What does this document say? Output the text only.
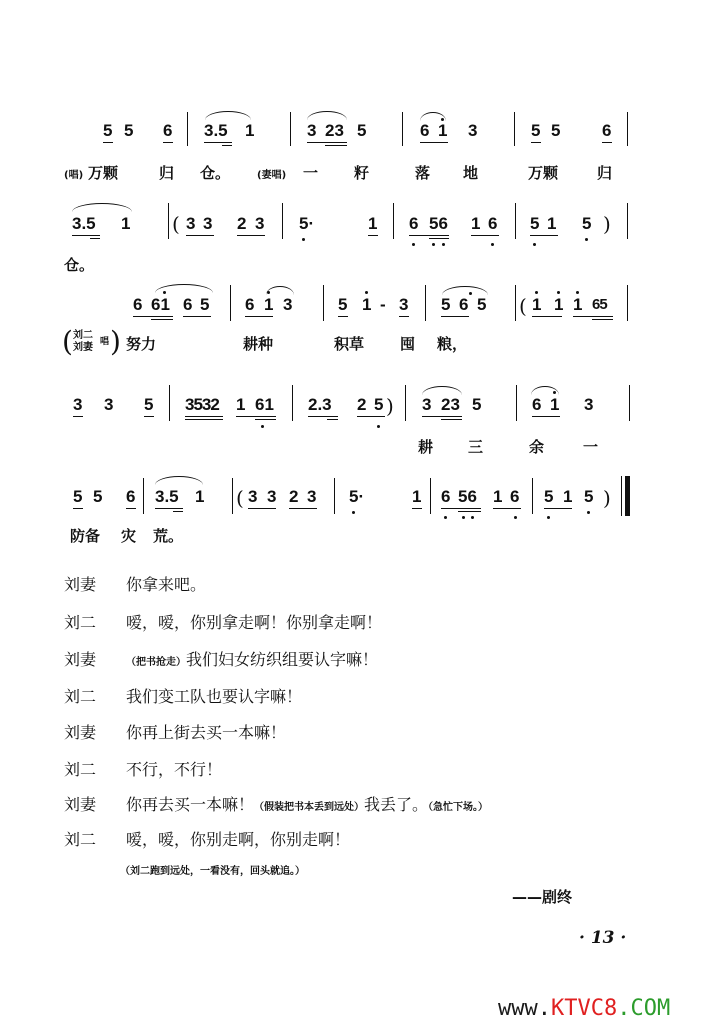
5 5 6 3.5 1	3 23 5	6 1 3	5 5 6
(唱) 万颗	归 仓。	(妻唱) 一 籽	落 地	万颗	归
3.5 1 ( 3 3 2 3 5·	1 6 56 1 6 5 1 5 )
仓。
6 61 6 5 6 1 3	5 1 - 3 5 6 5 ( 1 1 1 65
( 刘二
刘妻 唱 ) 努力	耕种	积草 囤 粮，
3 3 5 3532 1 61 2.3 2 5 ) 3 23 5	6 1 3
耕 三	余	一
5 5 6 3.5 1 ( 3 3 2 3 5·	1 6 56 1 6 5 1 5 )
防备 灾 荒。
刘妻 你拿来吧。
刘二 嗳，嗳，你别拿走啊！你别拿走啊！
刘妻	（把书抢走）我们妇女纺织组要认字嘛！
刘二 我们变工队也要认字嘛！
刘妻 你再上街去买一本嘛！
刘二 不行，不行！
刘妻 你再去买一本嘛！（假装把书本丢到远处）我丢了。（急忙下场。）
刘二 嗳，嗳，你别走啊，你别走啊！
（刘二跑到远处，一看没有，回头就追。）
——剧终
· 13 ·
www.KTVC8.COM
